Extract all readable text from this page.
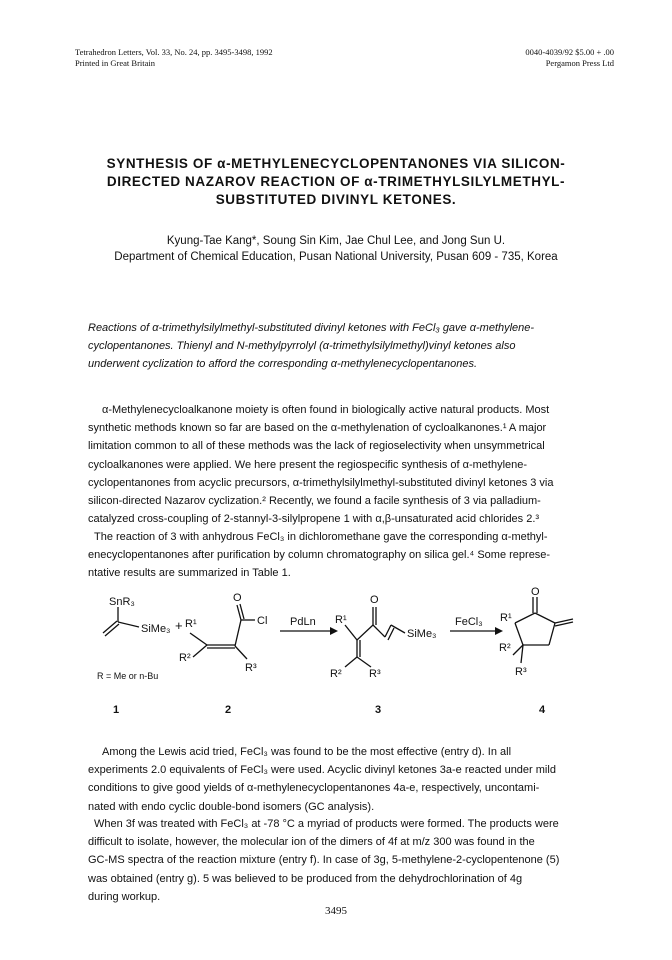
Tetrahedron Letters, Vol. 33, No. 24, pp. 3495-3498, 1992
Printed in Great Britain
0040-4039/92 $5.00 + .00
Pergamon Press Ltd
SYNTHESIS OF α-METHYLENECYCLOPENTANONES VIA SILICON-
DIRECTED NAZAROV REACTION OF α-TRIMETHYLSILYLMETHYL-
SUBSTITUTED DIVINYL KETONES.
Kyung-Tae Kang*, Soung Sin Kim, Jae Chul Lee, and Jong Sun U.
Department of Chemical Education, Pusan National University, Pusan 609 - 735, Korea
Reactions of α-trimethylsilylmethyl-substituted divinyl ketones with FeCl₃ gave α-methylene-
cyclopentanones. Thienyl and N-methylpyrrolyl (α-trimethylsilylmethyl)vinyl ketones also
underwent cyclization to afford the corresponding α-methylenecyclopentanones.
α-Methylenecycloalkanone moiety is often found in biologically active natural products. Most
synthetic methods known so far are based on the α-methylenation of cycloalkanones.¹ A major
limitation common to all of these methods was the lack of regioselectivity when unsymmetrical
cycloalkanones were applied. We here present the regiospecific synthesis of α-methylene-
cyclopentanones from acyclic precursors, α-trimethylsilylmethyl-substituted divinyl ketones 3 via
silicon-directed Nazarov cyclization.² Recently, we found a facile synthesis of 3 via palladium-
catalyzed cross-coupling of 2-stannyl-3-silylpropene 1 with α,β-unsaturated acid chlorides 2.³
The reaction of 3 with anhydrous FeCl₃ in dichloromethane gave the corresponding α-methyl-
enecyclopentanones after purification by column chromatography on silica gel.⁴ Some represe-
ntative results are summarized in Table 1.
SnR₃
SiMe₃ + R¹
R²
R³
O
Cl PdLn R¹
R² R³
O
SiMe₃
FeCl₃ R¹
R²
R³
O
R = Me or n-Bu
1	2	3	4
Among the Lewis acid tried, FeCl₃ was found to be the most effective (entry d). In all
experiments 2.0 equivalents of FeCl₃ were used. Acyclic divinyl ketones 3a-e reacted under mild
conditions to give good yields of α-methylenecyclopentanones 4a-e, respectively, uncontami-
nated with endo cyclic double-bond isomers (GC analysis).
When 3f was treated with FeCl₃ at -78 °C a myriad of products were formed. The products were
difficult to isolate, however, the molecular ion of the dimers of 4f at m/z 300 was found in the
GC-MS spectra of the reaction mixture (entry f). In case of 3g, 5-methylene-2-cyclopentenone (5)
was obtained (entry g). 5 was believed to be produced from the dehydrochlorination of 4g
during workup.
3495
